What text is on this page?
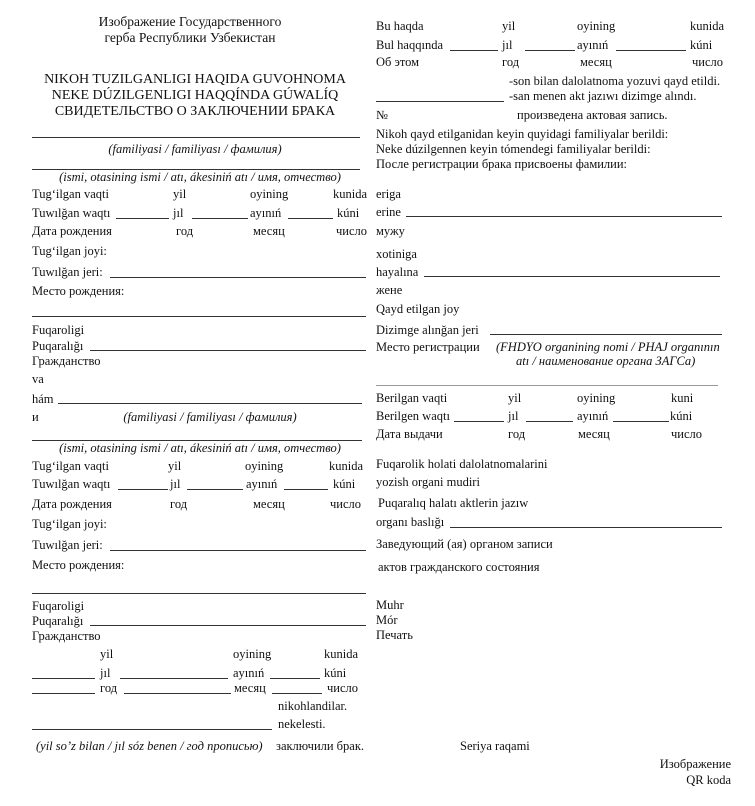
Изображение Государственного
герба Республики Узбекистан
NIKOH TUZILGANLIGI HAQIDA GUVOHNOMA
NEKE DÚZILGENLIGI HAQQÍNDA GÚWALÍQ
СВИДЕТЕЛЬСТВО О ЗАКЛЮЧЕНИИ БРАКА
(familiyasi / familiyası / фамилия)
(ismi, otasining ismi / atı, ákesiniń atı / имя, отчество)
Tug‘ilgan vaqti	yil	oyining	kunida
Tuwılğan waqtı	jıl	ayınıń	kúni
Дата рождения	год	месяц	число
Tug‘ilgan joyi:
Tuwılğan jeri:
Место рождения:
Fuqaroligi
Puqaralığı
Гражданство
va
hám
и	(familiyasi / familiyası / фамилия)
(ismi, otasining ismi / atı, ákesiniń atı / имя, отчество)
Tug‘ilgan vaqti	yil	oyining	kunida
Tuwılğan waqtı	jıl	ayınıń	kúni
Дата рождения	год	месяц	число
Tug‘ilgan joyi:
Tuwılğan jeri:
Место рождения:
Fuqaroligi
Puqaralığı
Гражданство
yil	oyining	kunida
jıl	ayınıń	kúni
год	месяц	число
nikohlandilar.
nekelesti.
(yil so’z bilan / jıl sóz benen / год прописью) заключили брак.
Bu haqda	yil	oyining	kunida
Bul haqqında	jıl	ayınıń	kúni
Об этом	год	месяц	число
-son bilan dalolatnoma yozuvi qayd etildi.
-san menen akt jazıwı dizimge alındı.
№	произведена актовая запись.
Nikoh qayd etilganidan keyin quyidagi familiyalar berildi:
Neke dúzilgennen keyin tómendegi familiyalar berildi:
После регистрации брака присвоены фамилии:
eriga
erine
мужу
xotiniga
hayalına
жене
Qayd etilgan joy
Dizimge alınğan jeri
Место регистрации (FHDYO organining nomi / PHAJ organının
atı / наименование органа ЗАГСа)
Berilgan vaqti	yil	oyining	kuni
Berilgen waqtı	jıl	ayınıń	kúni
Дата выдачи	год	месяц	число
Fuqarolik holati dalolatnomalarini
yozish organi mudiri
Puqaralıq halatı aktlerin jazıw
organı baslığı
Заведующий (ая) органом записи
актов гражданского состояния
Muhr
Mór
Печать
Seriya raqami
Изображение
QR koda
